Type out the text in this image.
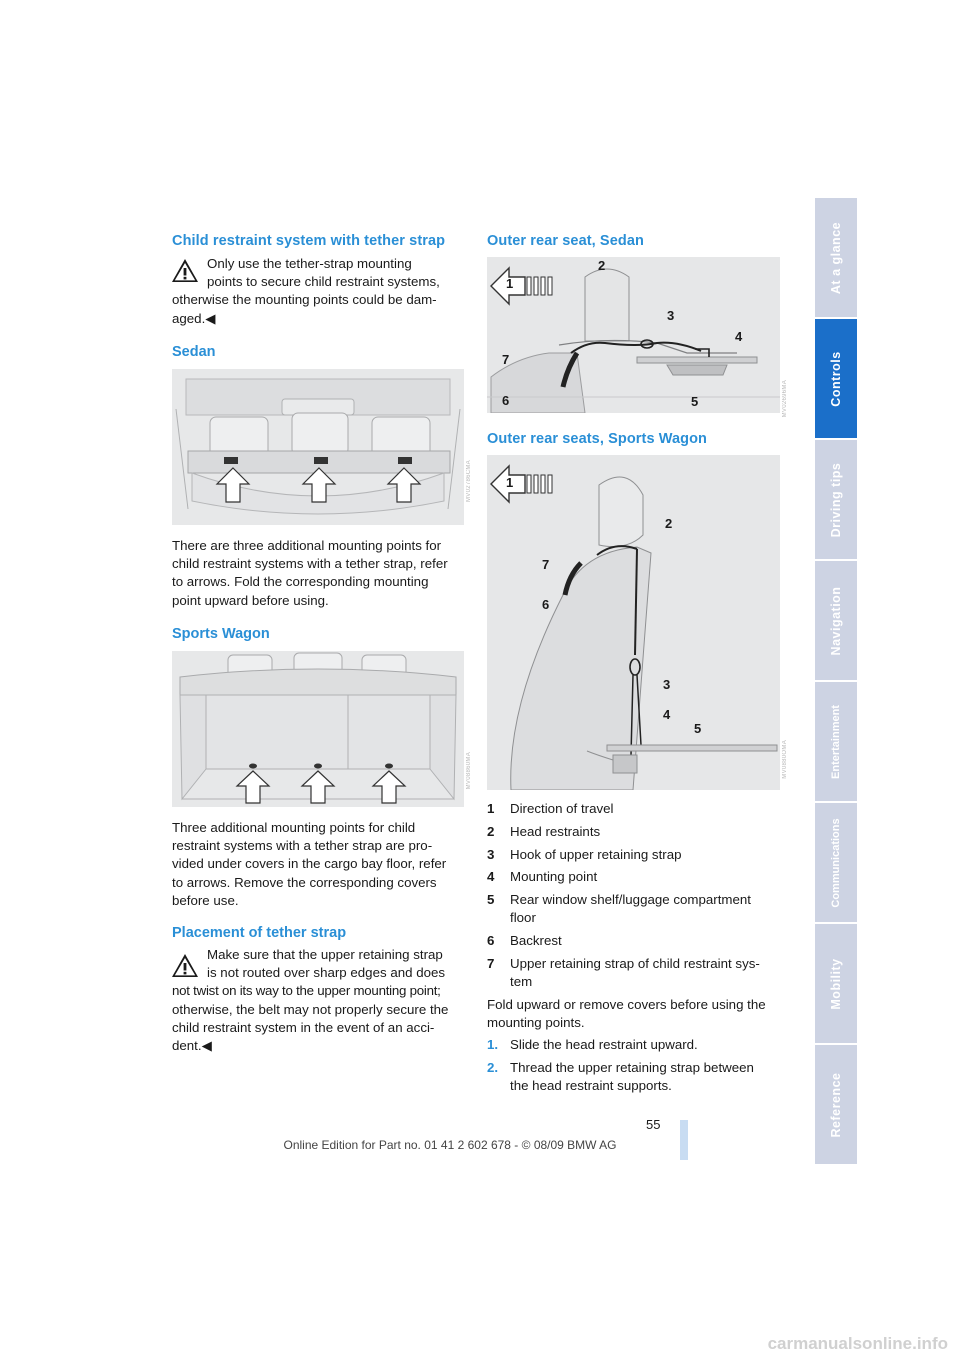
Child restraint system with tether strap
Only use the tether-strap mounting
points to secure child restraint systems,
otherwise the mounting points could be dam-
aged.◀
Sedan
MV02786CMA
There are three additional mounting points for
child restraint systems with a tether strap, refer
to arrows. Fold the corresponding mounting
point upward before using.
Sports Wagon
MV08860MA
Three additional mounting points for child
restraint systems with a tether strap are pro-
vided under covers in the cargo bay floor, refer
to arrows. Remove the corresponding covers
before use.
Placement of tether strap
Make sure that the upper retaining strap
is not routed over sharp edges and does
not twist on its way to the upper mounting point;
otherwise, the belt may not properly secure the
child restraint system in the event of an acci-
dent.◀
Outer rear seat, Sedan
1
2
3
4
5
6
7
MV02696MA
Outer rear seats, Sports Wagon
1
2
3
4
5
6
7
MV0880OMA
1	Direction of travel
2	Head restraints
3	Hook of upper retaining strap
4	Mounting point
5	Rear window shelf/luggage compartment
floor
6	Backrest
7	Upper retaining strap of child restraint sys-
tem
Fold upward or remove covers before using the
mounting points.
1. Slide the head restraint upward.
2. Thread the upper retaining strap between
the head restraint supports.
At a glance
Controls
Driving tips
Navigation
Entertainment
Communications
Mobility
Reference
55
Online Edition for Part no. 01 41 2 602 678 - © 08/09 BMW AG
carmanualsonline.info
